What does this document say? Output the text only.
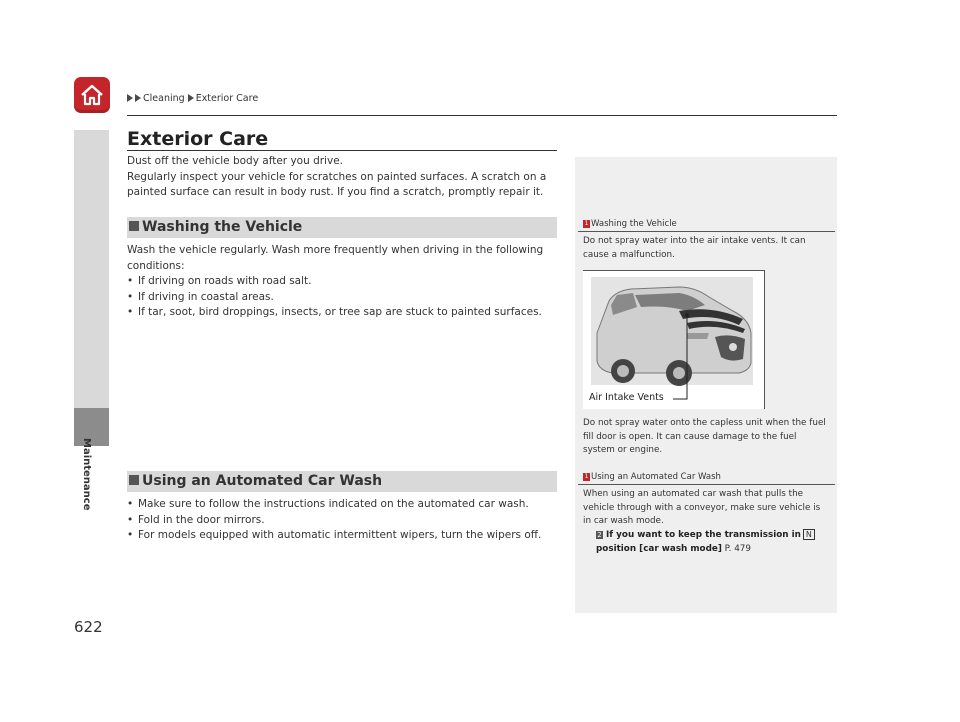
Cleaning Exterior Care
Maintenance
622
Exterior Care
Dust off the vehicle body after you drive.
Regularly inspect your vehicle for scratches on painted surfaces. A scratch on a painted surface can result in body rust. If you find a scratch, promptly repair it.
Washing the Vehicle
Wash the vehicle regularly. Wash more frequently when driving in the following conditions:
• If driving on roads with road salt.
• If driving in coastal areas.
• If tar, soot, bird droppings, insects, or tree sap are stuck to painted surfaces.
Using an Automated Car Wash
• Make sure to follow the instructions indicated on the automated car wash.
• Fold in the door mirrors.
• For models equipped with automatic intermittent wipers, turn the wipers off.
1 Washing the Vehicle
Do not spray water into the air intake vents. It can cause a malfunction.
Air Intake Vents
Do not spray water onto the capless unit when the fuel fill door is open. It can cause damage to the fuel system or engine.
1 Using an Automated Car Wash
When using an automated car wash that pulls the vehicle through with a conveyor, make sure vehicle is in car wash mode.
2 If you want to keep the transmission in N
position [car wash mode] P. 479
